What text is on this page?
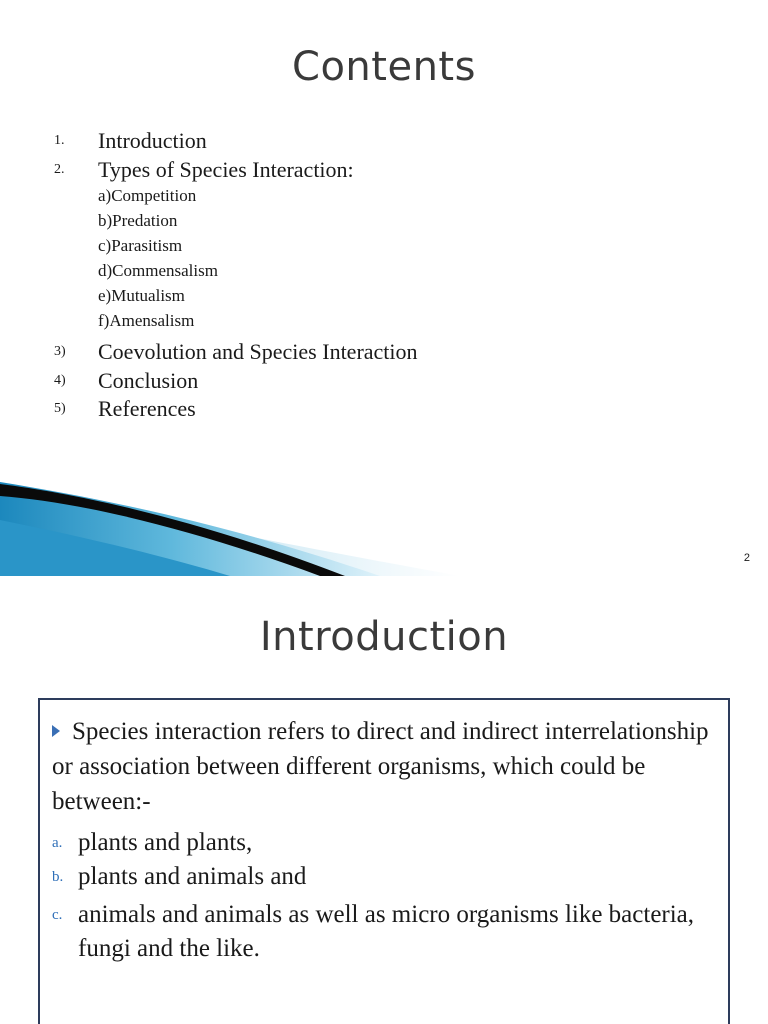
Contents
1. Introduction
2. Types of Species Interaction:
a)Competition
b)Predation
c)Parasitism
d)Commensalism
e)Mutualism
f)Amensalism
3) Coevolution and Species Interaction
4) Conclusion
5) References
2
Introduction
Species interaction refers to direct and indirect interrelationship or association between different organisms, which could be between:-
a. plants and plants,
b. plants and animals and
c. animals and animals as well as micro organisms like bacteria, fungi and the like.
